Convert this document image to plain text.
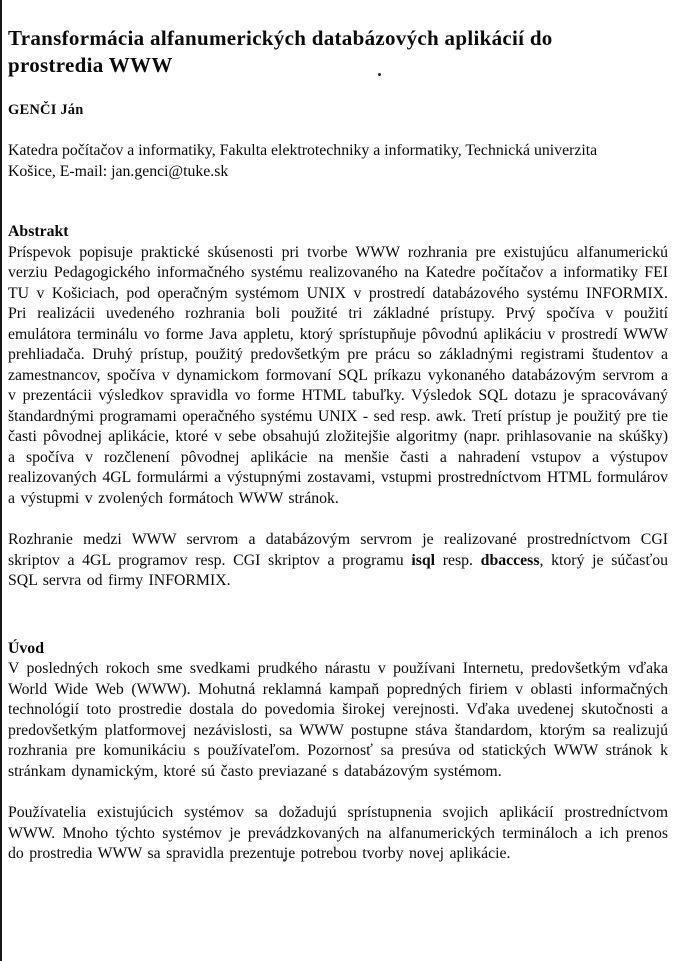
Transformácia alfanumerických databázových aplikácií do
prostredia WWW
GENČI Ján
Katedra počítačov a informatiky, Fakulta elektrotechniky a informatiky, Technická univerzita
Košice, E-mail: jan.genci@tuke.sk
Abstrakt

Príspevok popisuje praktické skúsenosti pri tvorbe WWW rozhrania pre existujúcu alfanumerickú verziu Pedagogického informačného systému realizovaného na Katedre počítačov a informatiky FEI TU v Košiciach, pod operačným systémom UNIX v prostredí databázového systému INFORMIX. Pri realizácii uvedeného rozhrania boli použité tri základné prístupy. Prvý spočíva v použití emulátora terminálu vo forme Java appletu, ktorý sprístupňuje pôvodnú aplikáciu v prostredí WWW prehliadača. Druhý prístup, použitý predovšetkým pre prácu so základnými registrami študentov a zamestnancov, spočíva v dynamickom formovaní SQL príkazu vykonaného databázovým servrom a v prezentácii výsledkov spravidla vo forme HTML tabuľky. Výsledok SQL dotazu je spracovávaný štandardnými programami operačného systému UNIX - sed resp. awk. Tretí prístup je použitý pre tie časti pôvodnej aplikácie, ktoré v sebe obsahujú zložitejšie algoritmy (napr. prihlasovanie na skúšky) a spočíva v rozčlenení pôvodnej aplikácie na menšie časti a nahradení vstupov a výstupov realizovaných 4GL formulármi a výstupnými zostavami, vstupmi prostredníctvom HTML formulárov a výstupmi v zvolených formátoch WWW stránok.

Rozhranie medzi WWW servrom a databázovým servrom je realizované prostredníctvom CGI skriptov a 4GL programov resp. CGI skriptov a programu isql resp. dbaccess, ktorý je súčasťou SQL servra od firmy INFORMIX.

Úvod

V posledných rokoch sme svedkami prudkého nárastu v používani Internetu, predovšetkým vďaka World Wide Web (WWW). Mohutná reklamná kampaň popredných firiem v oblasti informačných technológií toto prostredie dostala do povedomia širokej verejnosti. Vďaka uvedenej skutočnosti a predovšetkým platformovej nezávislosti, sa WWW postupne stáva štandardom, ktorým sa realizujú rozhrania pre komunikáciu s používateľom. Pozornosť sa presúva od statických WWW stránok k stránkam dynamickým, ktoré sú často previazané s databázovým systémom.

Používatelia existujúcich systémov sa dožadujú sprístupnenia svojich aplikácií prostredníctvom WWW. Mnoho týchto systémov je prevádzkovaných na alfanumerických termináloch a ich prenos do prostredia WWW sa spravidla prezentuje potrebou tvorby novej aplikácie.
